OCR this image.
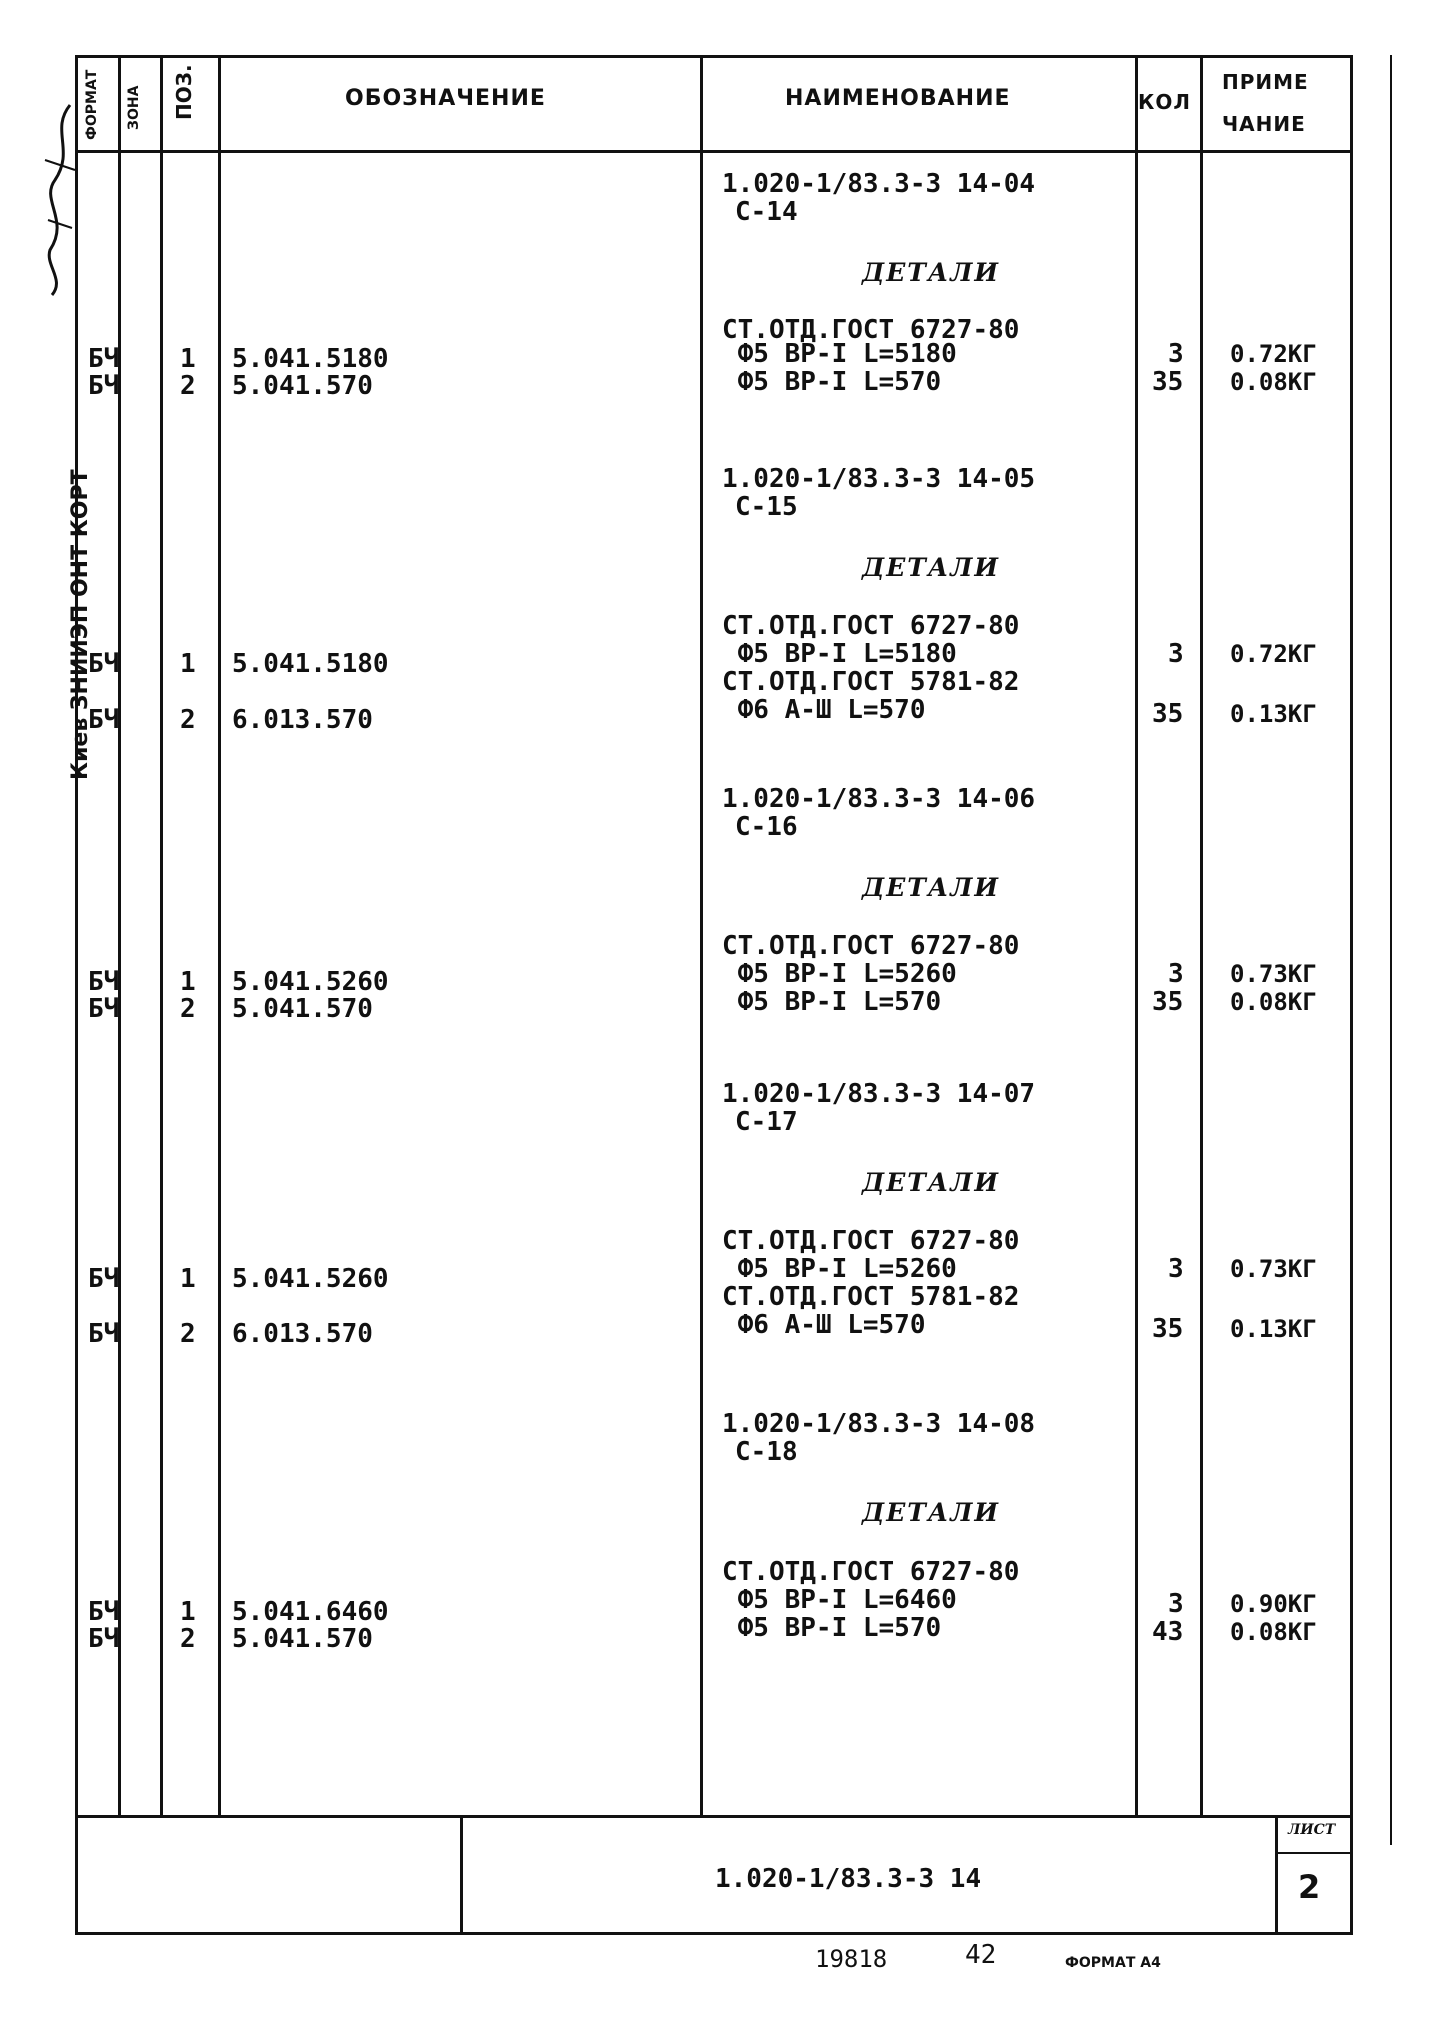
ФОРМАТ ЗОНА ПОЗ.	ОБОЗНАЧЕНИЕ	НАИМЕНОВАНИЕ	КОЛ
ПРИМЕ
ЧАНИЕ
Киев ЗНИИЭП ОНТ КОРТ
1.020-1/83.3-3 14-04
С-14
ДЕТАЛИ
СТ.ОТД.ГОСТ 6727-80
БЧ 1 5.041.5180	Ф5 ВР-I L=5180	3 0.72КГ
БЧ 2 5.041.570	Ф5 ВР-I L=570	35 0.08КГ
1.020-1/83.3-3 14-05
С-15
ДЕТАЛИ
СТ.ОТД.ГОСТ 6727-80
БЧ 1 5.041.5180	Ф5 ВР-I L=5180	3 0.72КГ
СТ.ОТД.ГОСТ 5781-82
БЧ 2 6.013.570	Ф6 А-Ш L=570	35 0.13КГ
1.020-1/83.3-3 14-06
С-16
ДЕТАЛИ
СТ.ОТД.ГОСТ 6727-80
БЧ 1 5.041.5260	Ф5 ВР-I L=5260	3 0.73КГ
БЧ 2 5.041.570	Ф5 ВР-I L=570	35 0.08КГ
1.020-1/83.3-3 14-07
С-17
ДЕТАЛИ
СТ.ОТД.ГОСТ 6727-80
БЧ 1 5.041.5260	Ф5 ВР-I L=5260	3 0.73КГ
СТ.ОТД.ГОСТ 5781-82
БЧ 2 6.013.570	Ф6 А-Ш L=570	35 0.13КГ
1.020-1/83.3-3 14-08
С-18
ДЕТАЛИ
СТ.ОТД.ГОСТ 6727-80
БЧ 1 5.041.6460	Ф5 ВР-I L=6460	3 0.90КГ
БЧ 2 5.041.570	Ф5 ВР-I L=570	43 0.08КГ
1.020-1/83.3-3 14
ЛИСТ
2
19818	42	ФОРМАТ А4
